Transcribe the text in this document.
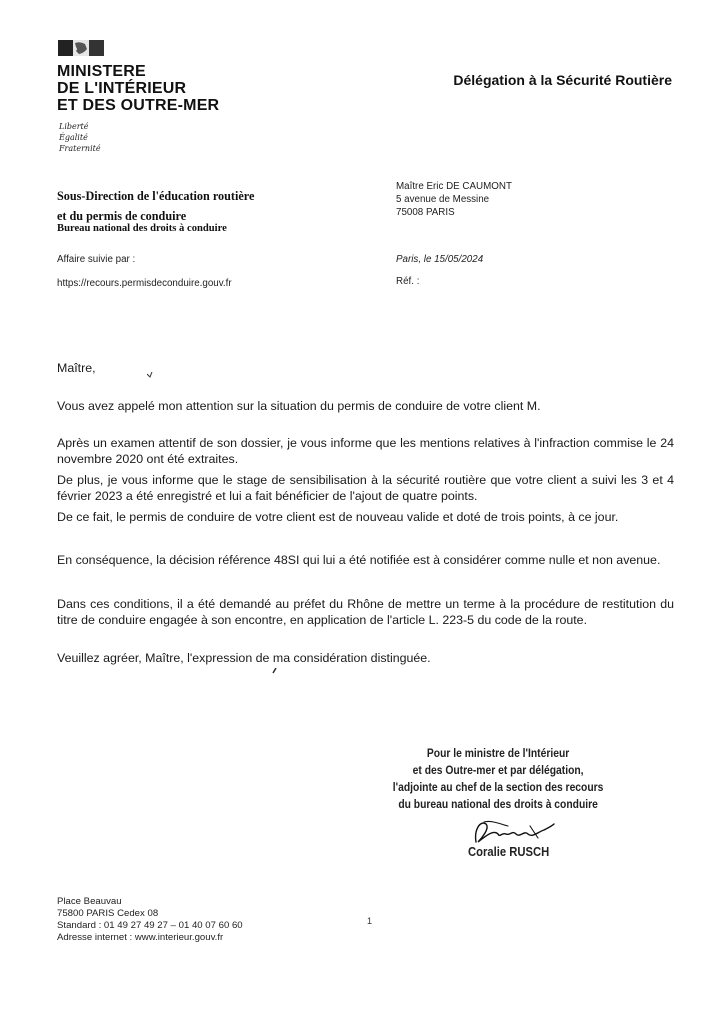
MINISTERE
DE L'INTÉRIEUR
ET DES OUTRE-MER
Liberté
Égalité
Fraternité
Délégation à la Sécurité Routière
Sous-Direction de l'éducation routière
et du permis de conduire
Bureau national des droits à conduire
Affaire suivie par :
https://recours.permisdeconduire.gouv.fr
Maître Eric DE CAUMONT
5 avenue de Messine
75008 PARIS
Paris, le 15/05/2024
Réf. :
Maître,

Vous avez appelé mon attention sur la situation du permis de conduire de votre client M.

Après un examen attentif de son dossier, je vous informe que les mentions relatives à l'infraction commise le 24 novembre 2020 ont été extraites.

De plus, je vous informe que le stage de sensibilisation à la sécurité routière que votre client a suivi les 3 et 4 février 2023 a été enregistré et lui a fait bénéficier de l'ajout de quatre points.

De ce fait, le permis de conduire de votre client est de nouveau valide et doté de trois points, à ce jour.

En conséquence, la décision référence 48SI qui lui a été notifiée est à considérer comme nulle et non avenue.

Dans ces conditions, il a été demandé au préfet du Rhône de mettre un terme à la procédure de restitution du titre de conduire engagée à son encontre, en application de l'article L. 223-5 du code de la route.

Veuillez agréer, Maître, l'expression de ma considération distinguée.

Pour le ministre de l'Intérieur
et des Outre-mer et par délégation,
l'adjointe au chef de la section des recours
du bureau national des droits à conduire
Coralie RUSCH
Place Beauvau
75800 PARIS Cedex 08
Standard : 01 49 27 49 27 – 01 40 07 60 60
Adresse internet : www.interieur.gouv.fr
1
